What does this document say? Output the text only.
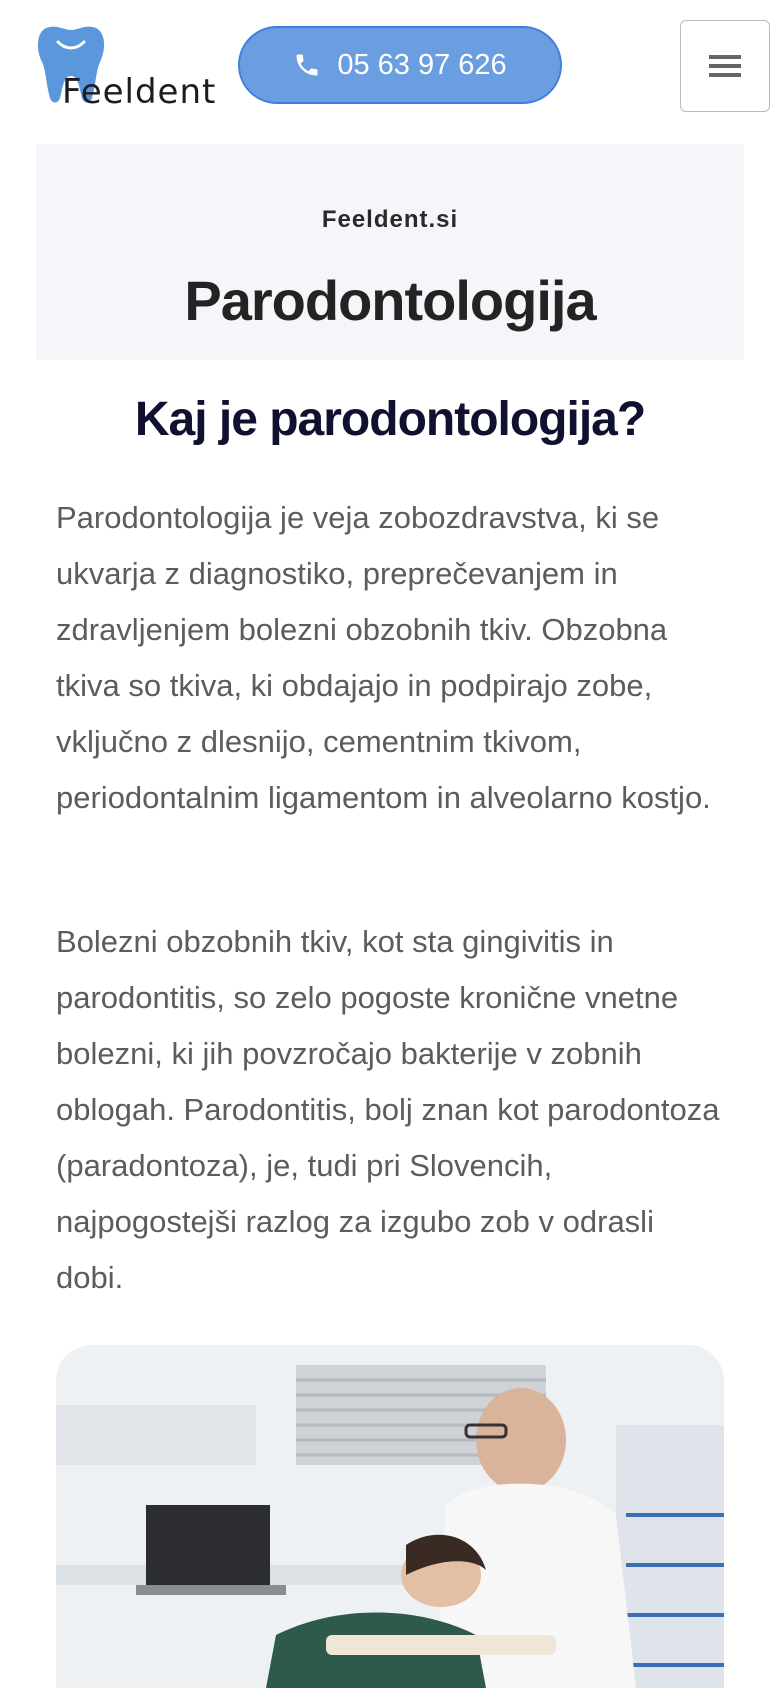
Feeldent
05 63 97 626
Feeldent.si
Parodontologija
Kaj je parodontologija?

Parodontologija je veja zobozdravstva, ki se ukvarja z diagnostiko, preprečevanjem in zdravljenjem bolezni obzobnih tkiv. Obzobna tkiva so tkiva, ki obdajajo in podpirajo zobe, vključno z dlesnijo, cementnim tkivom, periodontalnim ligamentom in alveolarno kostjo.

Bolezni obzobnih tkiv, kot sta gingivitis in parodontitis, so zelo pogoste kronične vnetne bolezni, ki jih povzročajo bakterije v zobnih oblogah. Parodontitis, bolj znan kot parodontoza (paradontoza), je, tudi pri Slovencih, najpogostejši razlog za izgubo zob v odrasli dobi.
